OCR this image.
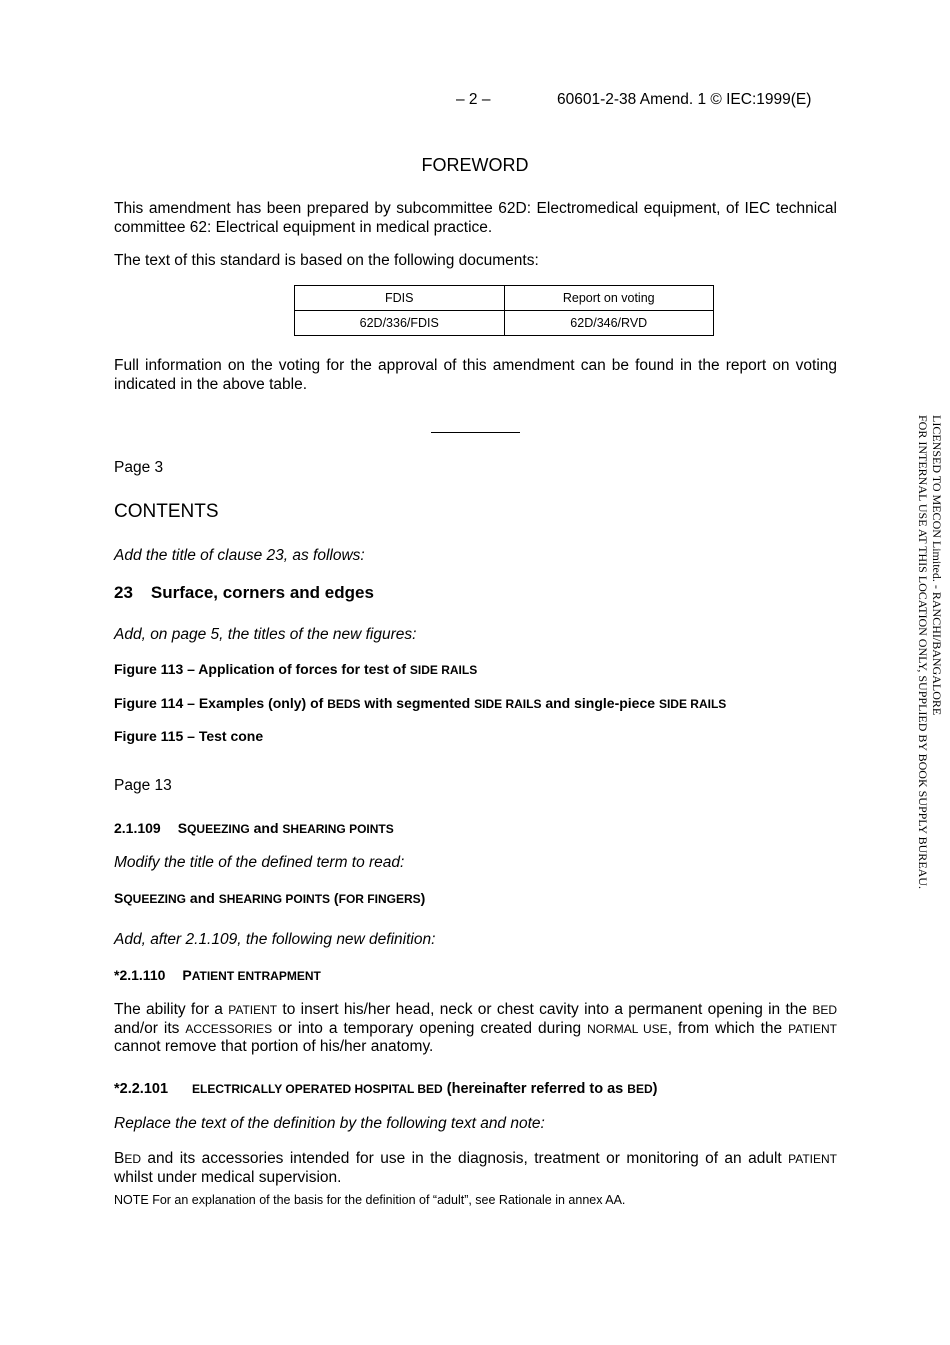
– 2 –	60601-2-38 Amend. 1 © IEC:1999(E)
FOREWORD

This amendment has been prepared by subcommittee 62D: Electromedical equipment, of IEC technical committee 62: Electrical equipment in medical practice.

The text of this standard is based on the following documents:

FDIS	Report on voting
62D/336/FDIS	62D/346/RVD

Full information on the voting for the approval of this amendment can be found in the report on voting indicated in the above table.

Page 3
CONTENTS
Add the title of clause 23, as follows:
23 Surface, corners and edges
Add, on page 5, the titles of the new figures:
Figure 113 – Application of forces for test of SIDE RAILS
Figure 114 – Examples (only) of BEDS with segmented SIDE RAILS and single-piece SIDE RAILS
Figure 115 – Test cone
Page 13
2.1.109 SQUEEZING and SHEARING POINTS
Modify the title of the defined term to read:
SQUEEZING and SHEARING POINTS (FOR FINGERS)
Add, after 2.1.109, the following new definition:
*2.1.110 PATIENT ENTRAPMENT

The ability for a PATIENT to insert his/her head, neck or chest cavity into a permanent opening in the BED and/or its ACCESSORIES or into a temporary opening created during NORMAL USE, from which the PATIENT cannot remove that portion of his/her anatomy.

*2.2.101 ELECTRICALLY OPERATED HOSPITAL BED (hereinafter referred to as BED)
Replace the text of the definition by the following text and note:

BED and its accessories intended for use in the diagnosis, treatment or monitoring of an adult PATIENT whilst under medical supervision.

NOTE For an explanation of the basis for the definition of “adult”, see Rationale in annex AA.
LICENSED TO MECON Limited. - RANCHI/BANGALORE
FOR INTERNAL USE AT THIS LOCATION ONLY, SUPPLIED BY BOOK SUPPLY BUREAU.
